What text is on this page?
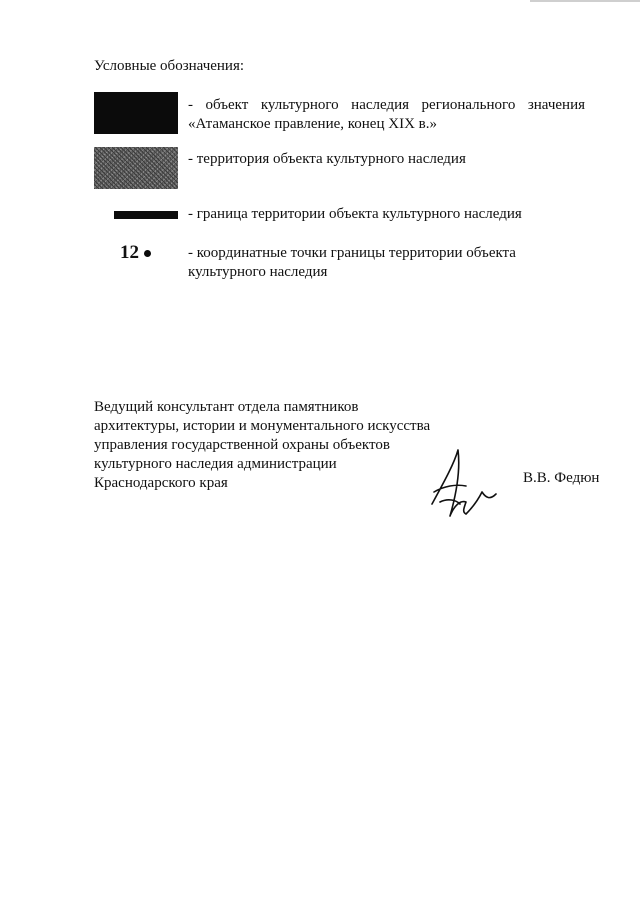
Условные обозначения:
- объект культурного наследия регионального значения «Атаманское правление, конец XIX в.»
- территория объекта культурного наследия
- граница территории объекта культурного наследия
12	- координатные точки границы территории объекта культурного наследия
Ведущий консультант отдела памятников
архитектуры, истории и монументального искусства
управления государственной охраны объектов
культурного наследия администрации
Краснодарского края	В.В. Федюн
